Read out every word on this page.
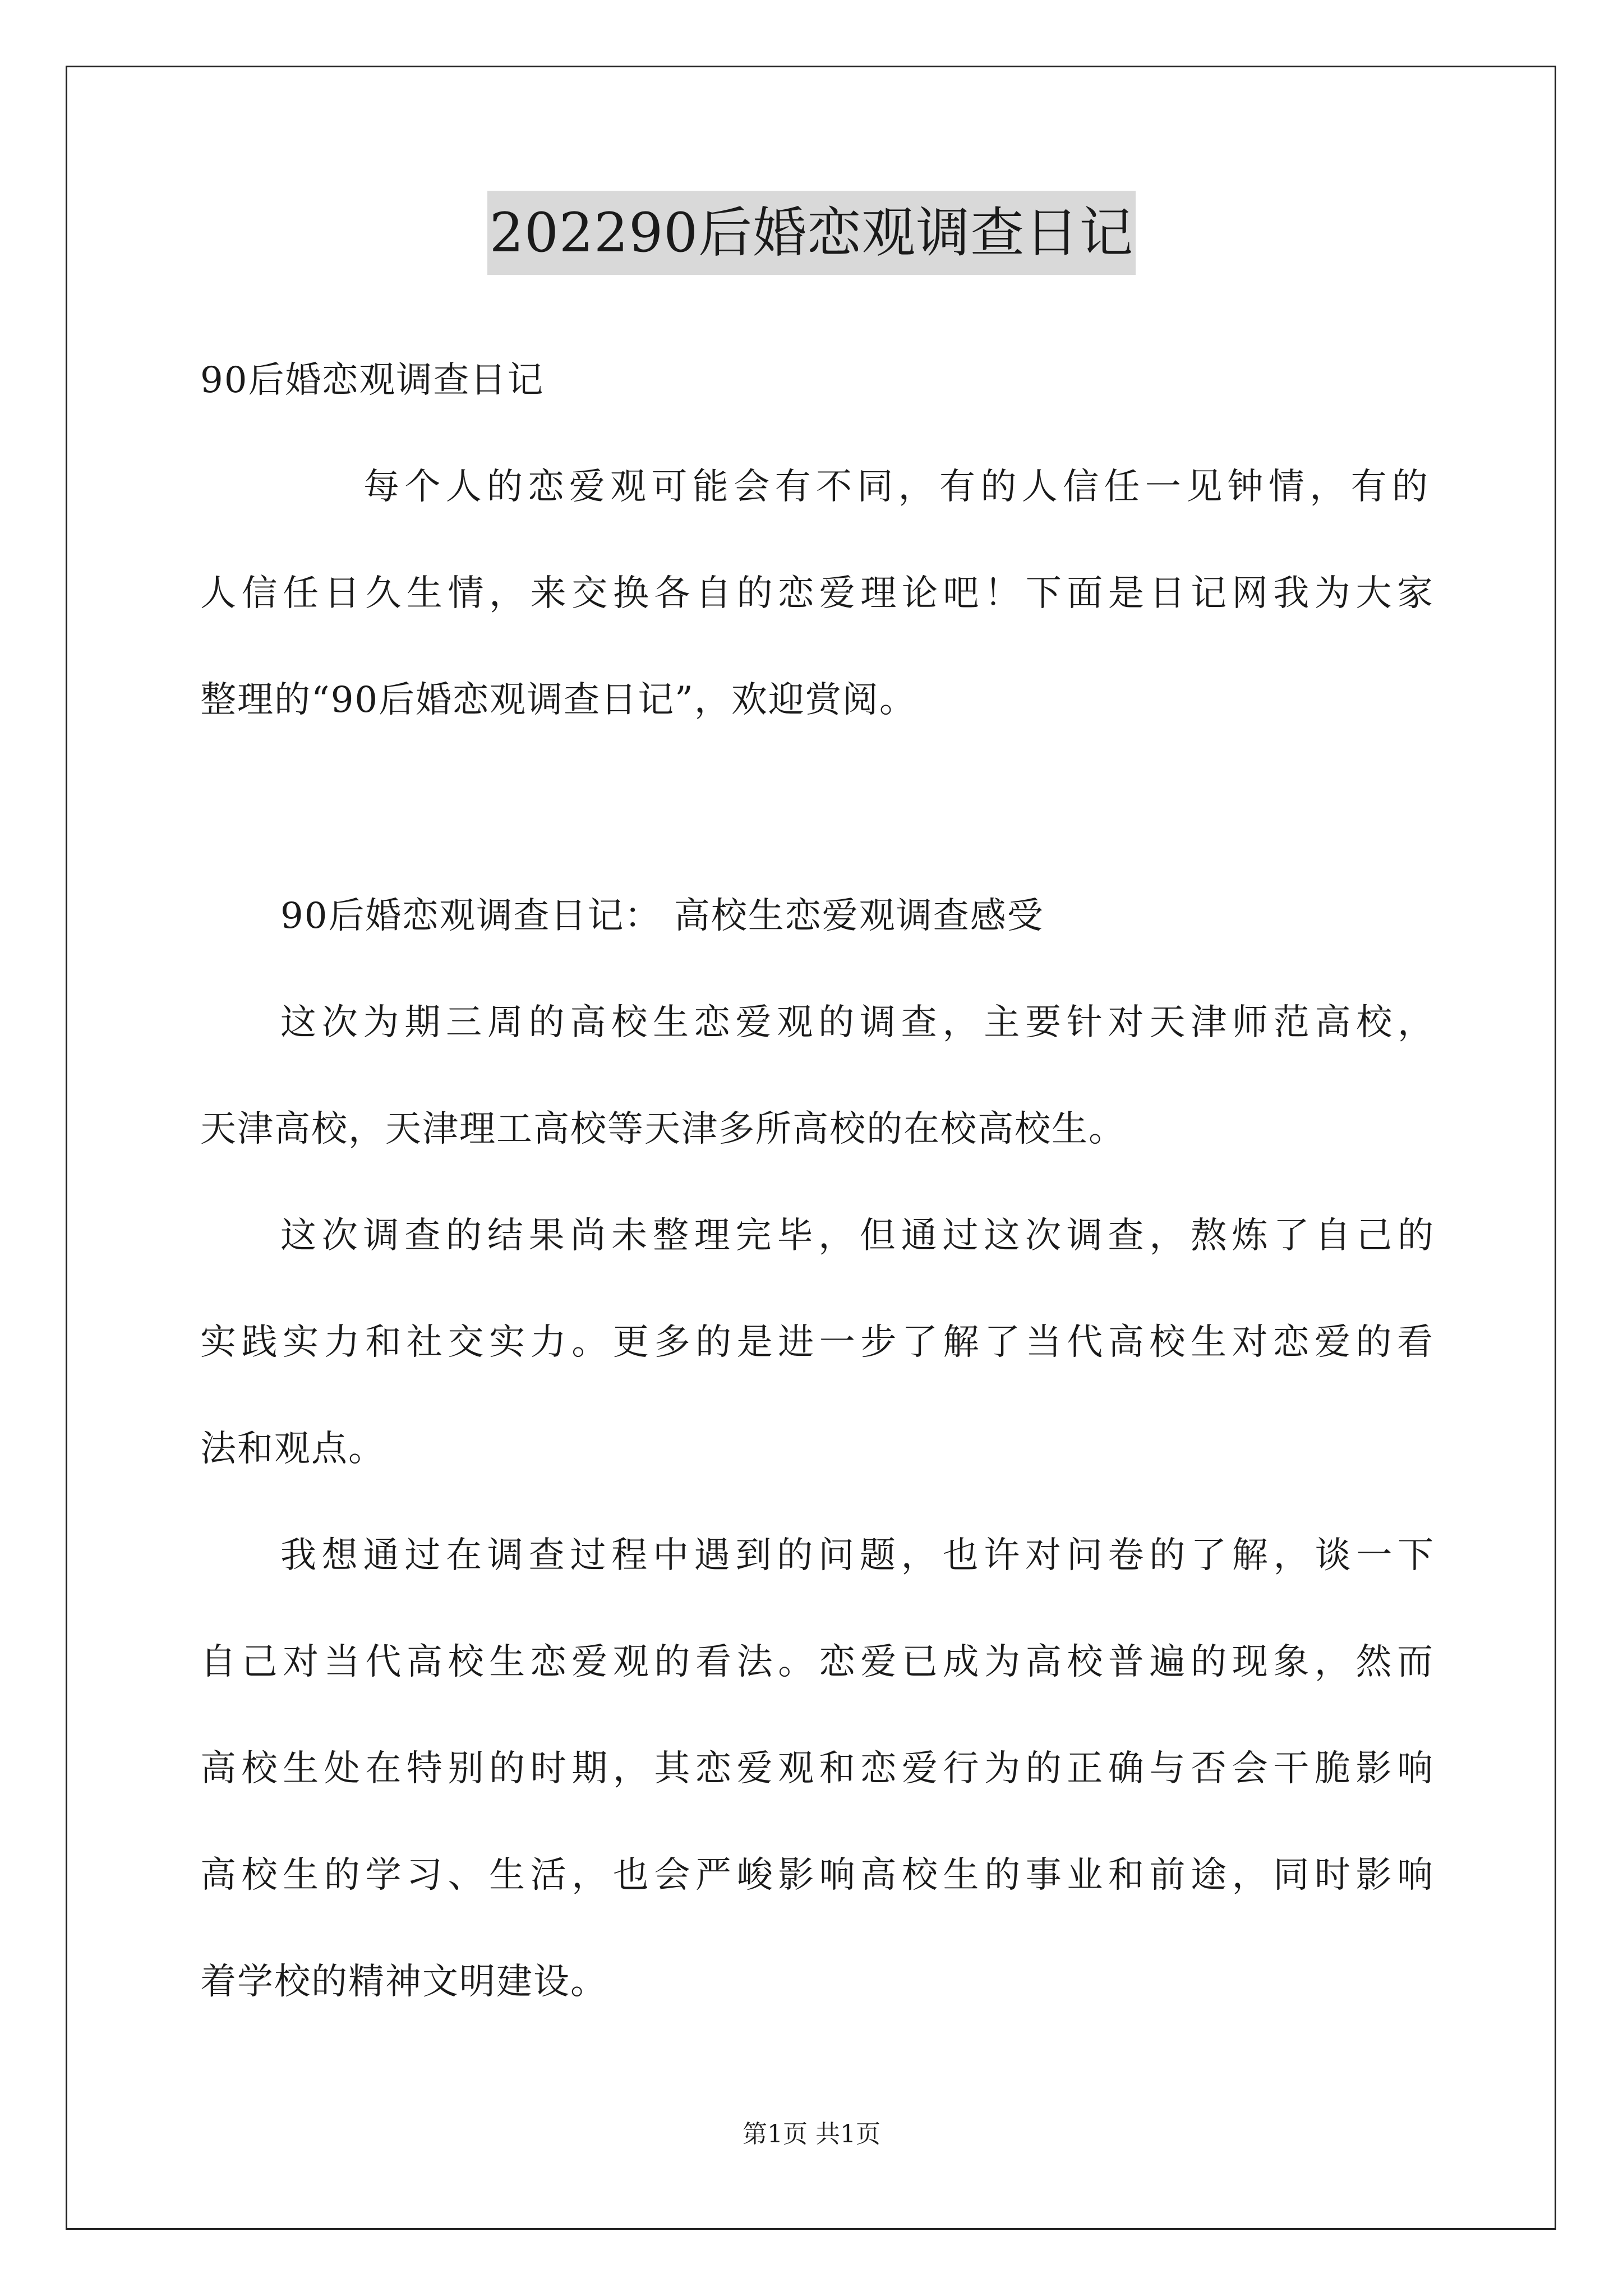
202290后婚恋观调查日记
90后婚恋观调查日记
每个人的恋爱观可能会有不同，有的人信任一见钟情，有的
人信任日久生情，来交换各自的恋爱理论吧！下面是日记网我为大家
整理的“90后婚恋观调查日记”，欢迎赏阅。
90后婚恋观调查日记： 高校生恋爱观调查感受
这次为期三周的高校生恋爱观的调查，主要针对天津师范高校，
天津高校，天津理工高校等天津多所高校的在校高校生。
这次调查的结果尚未整理完毕，但通过这次调查，熬炼了自己的
实践实力和社交实力。更多的是进一步了解了当代高校生对恋爱的看
法和观点。
我想通过在调查过程中遇到的问题，也许对问卷的了解，谈一下
自己对当代高校生恋爱观的看法。恋爱已成为高校普遍的现象，然而
高校生处在特别的时期，其恋爱观和恋爱行为的正确与否会干脆影响
高校生的学习、生活，也会严峻影响高校生的事业和前途，同时影响
着学校的精神文明建设。
第1页 共1页
